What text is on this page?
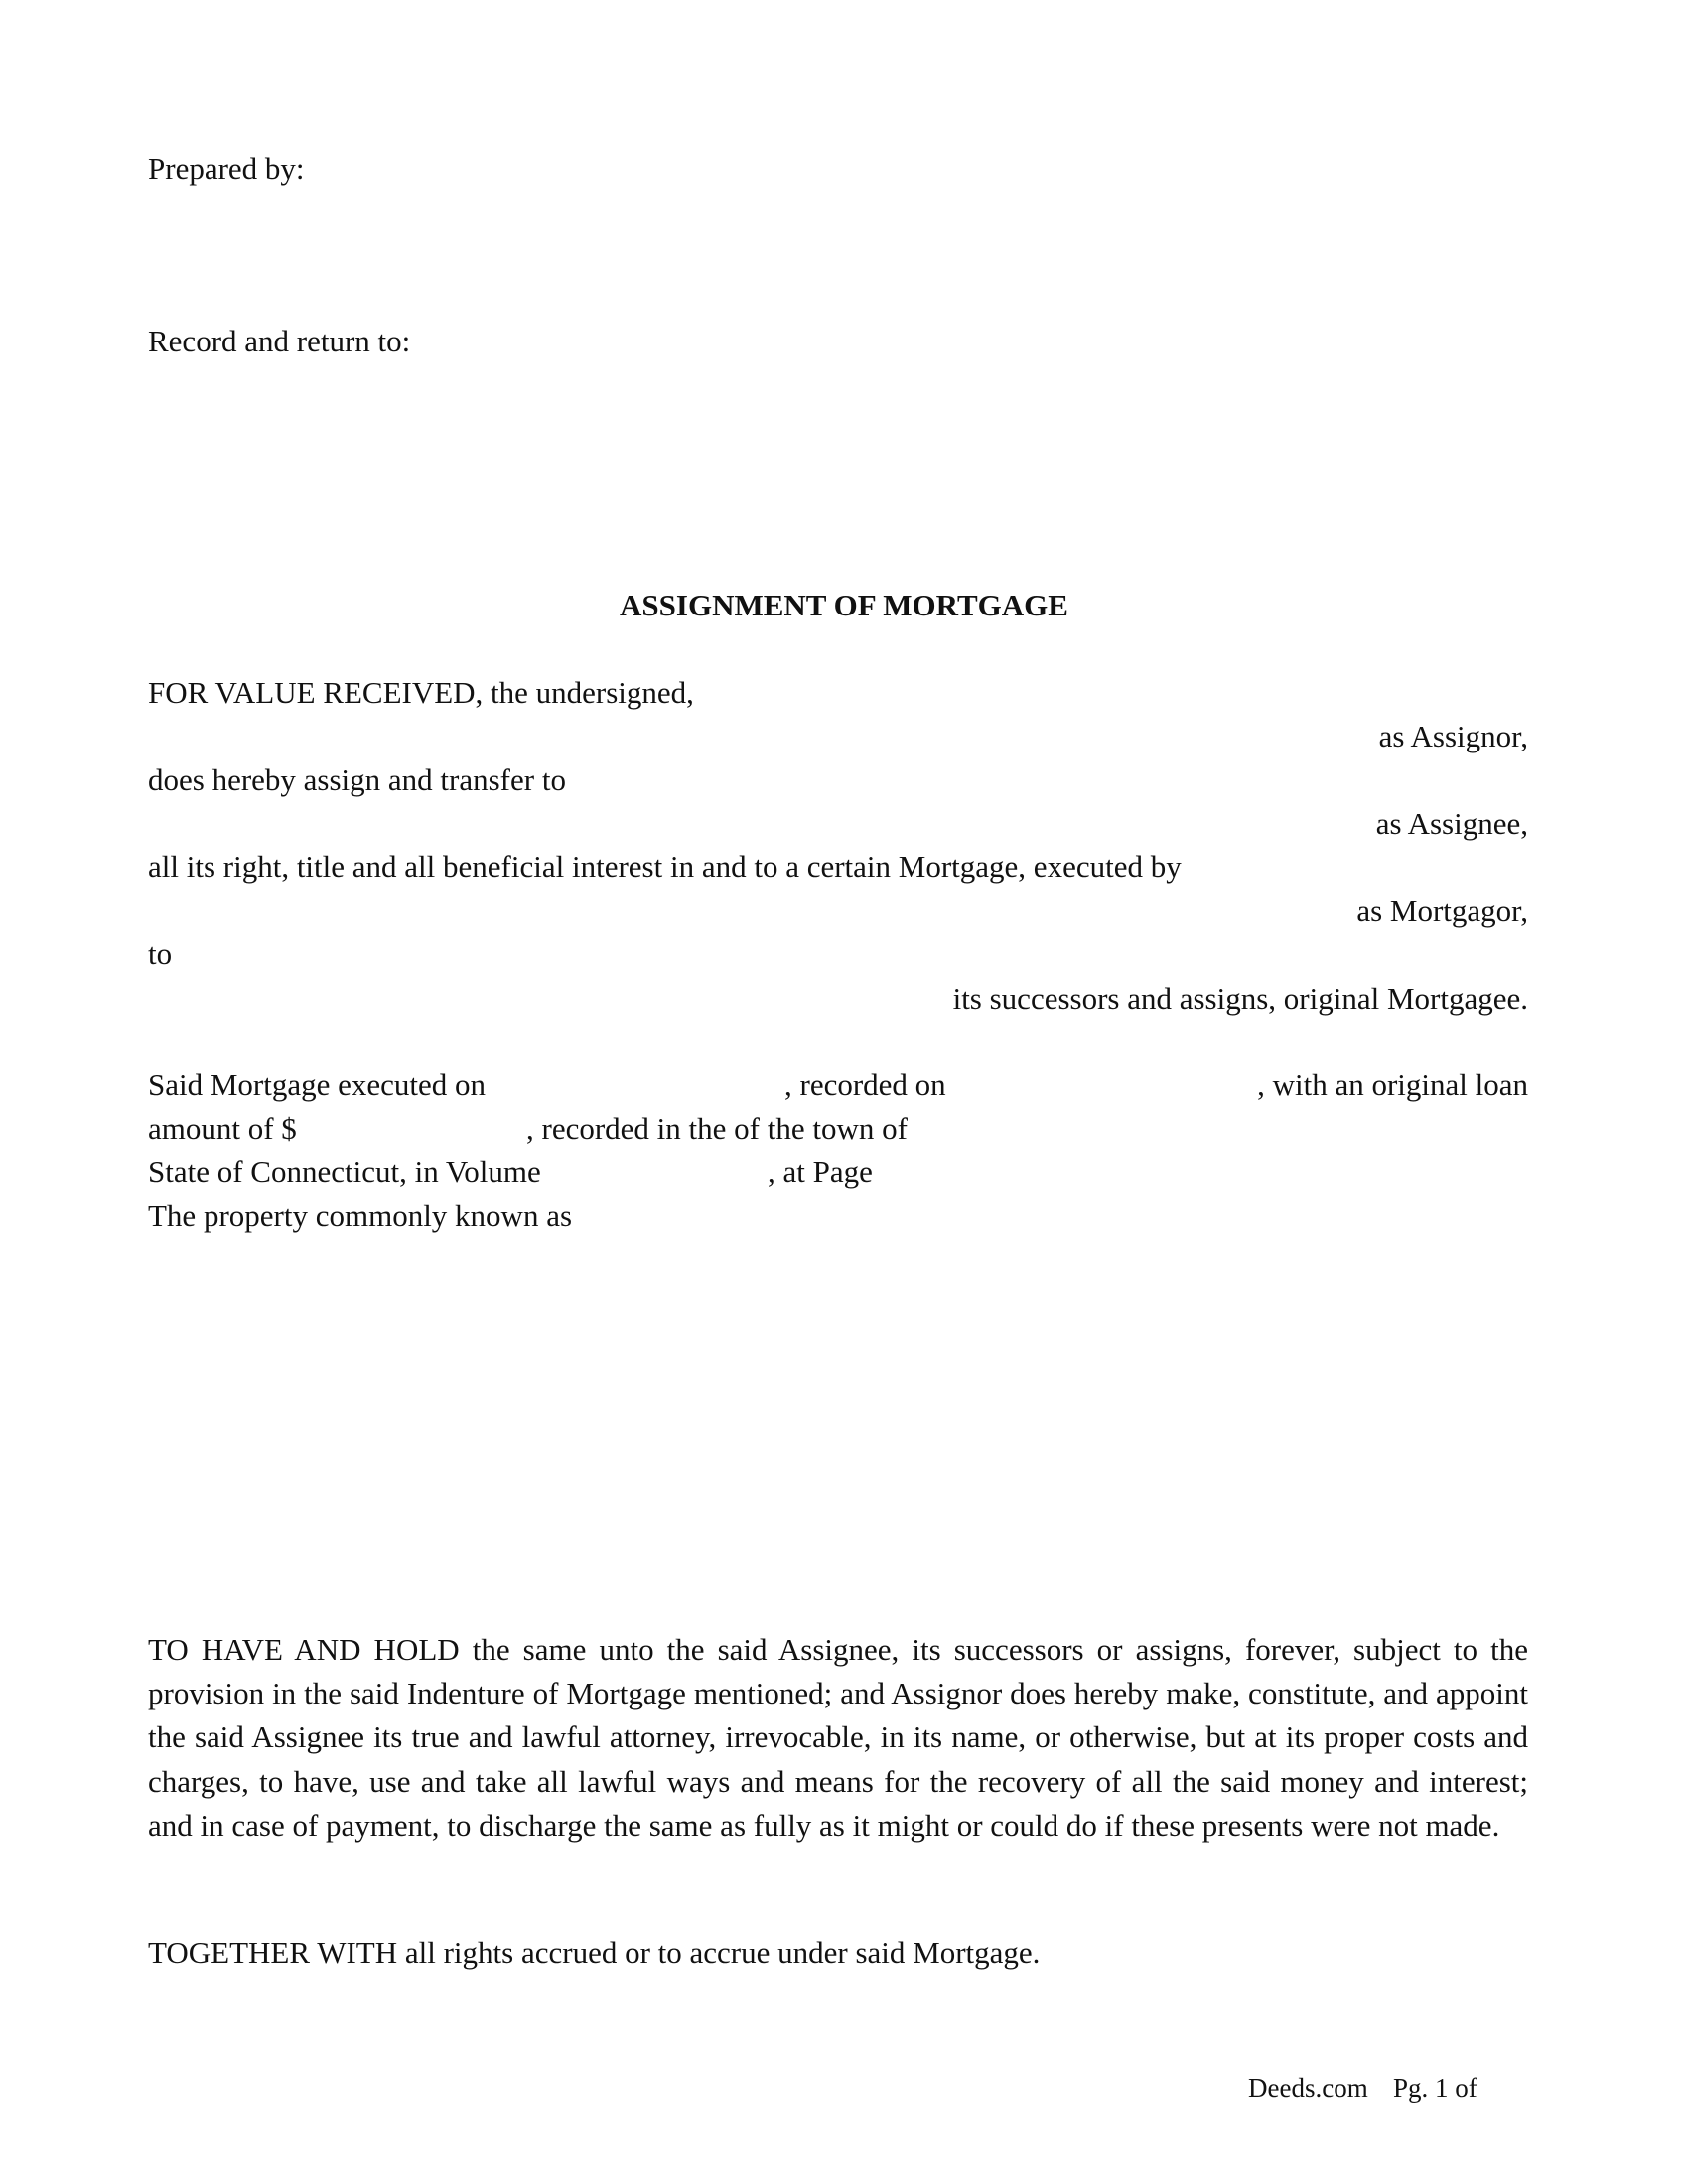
Prepared by:
Record and return to:
ASSIGNMENT OF MORTGAGE
FOR VALUE RECEIVED, the undersigned,
as Assignor,
does hereby assign and transfer to
as Assignee,
all its right, title and all beneficial interest in and to a certain Mortgage, executed by
as Mortgagor,
to
its successors and assigns, original Mortgagee.
Said Mortgage executed on	, recorded on	, with an original loan
amount of $	, recorded in the of the town of
State of Connecticut, in Volume	, at Page
The property commonly known as

TO HAVE AND HOLD the same unto the said Assignee, its successors or assigns, forever, subject to the provision in the said Indenture of Mortgage mentioned; and Assignor does hereby make, constitute, and appoint the said Assignee its true and lawful attorney, irrevocable, in its name, or otherwise, but at its proper costs and charges, to have, use and take all lawful ways and means for the recovery of all the said money and interest; and in case of payment, to discharge the same as fully as it might or could do if these presents were not made.

TOGETHER WITH all rights accrued or to accrue under said Mortgage.
Deeds.com Pg. 1 of
